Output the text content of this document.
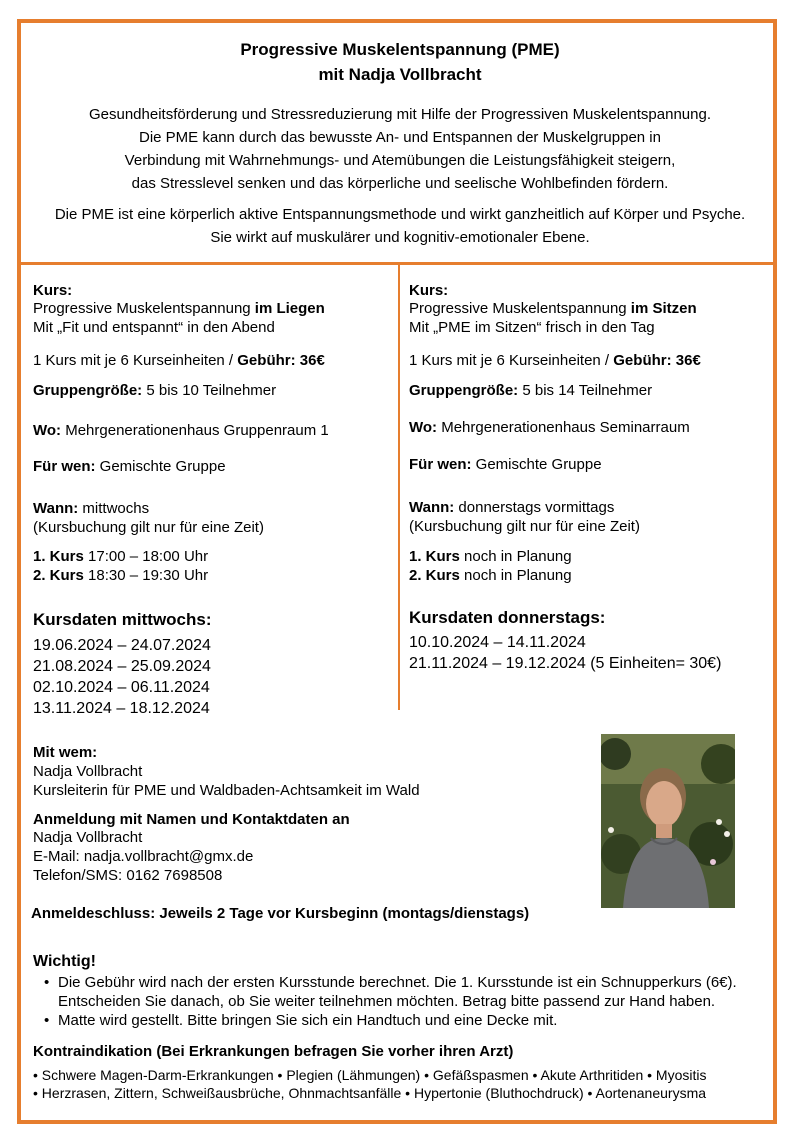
Progressive Muskelentspannung (PME)
mit Nadja Vollbracht
Gesundheitsförderung und Stressreduzierung mit Hilfe der Progressiven Muskelentspannung.
Die PME kann durch das bewusste An- und Entspannen der Muskelgruppen in
Verbindung mit Wahrnehmungs- und Atemübungen die Leistungsfähigkeit steigern,
das Stresslevel senken und das körperliche und seelische Wohlbefinden fördern.
Die PME ist eine körperlich aktive Entspannungsmethode und wirkt ganzheitlich auf Körper und Psyche.
Sie wirkt auf muskulärer und kognitiv-emotionaler Ebene.
Kurs:
Progressive Muskelentspannung im Liegen
Mit „Fit und entspannt“ in den Abend
1 Kurs mit je 6 Kurseinheiten / Gebühr: 36€
Gruppengröße: 5 bis 10 Teilnehmer
Wo: Mehrgenerationenhaus Gruppenraum 1
Für wen: Gemischte Gruppe
Wann: mittwochs
(Kursbuchung gilt nur für eine Zeit)
1. Kurs 17:00 – 18:00 Uhr
2. Kurs 18:30 – 19:30 Uhr
Kursdaten mittwochs:
19.06.2024 – 24.07.2024
21.08.2024 – 25.09.2024
02.10.2024 – 06.11.2024
13.11.2024 – 18.12.2024
Kurs:
Progressive Muskelentspannung im Sitzen
Mit „PME im Sitzen“ frisch in den Tag
1 Kurs mit je 6 Kurseinheiten / Gebühr: 36€
Gruppengröße: 5 bis 14 Teilnehmer
Wo: Mehrgenerationenhaus Seminarraum
Für wen: Gemischte Gruppe
Wann: donnerstags vormittags
(Kursbuchung gilt nur für eine Zeit)
1. Kurs noch in Planung
2. Kurs noch in Planung
Kursdaten donnerstags:
10.10.2024 – 14.11.2024
21.11.2024 – 19.12.2024 (5 Einheiten= 30€)
Mit wem:
Nadja Vollbracht
Kursleiterin für PME und Waldbaden-Achtsamkeit im Wald
Anmeldung mit Namen und Kontaktdaten an
Nadja Vollbracht
E-Mail: nadja.vollbracht@gmx.de
Telefon/SMS: 0162 7698508
Anmeldeschluss: Jeweils 2 Tage vor Kursbeginn (montags/dienstags)
Wichtig!
• Die Gebühr wird nach der ersten Kursstunde berechnet. Die 1. Kursstunde ist ein Schnupperkurs (6€).
Entscheiden Sie danach, ob Sie weiter teilnehmen möchten. Betrag bitte passend zur Hand haben.
• Matte wird gestellt. Bitte bringen Sie sich ein Handtuch und eine Decke mit.
Kontraindikation (Bei Erkrankungen befragen Sie vorher ihren Arzt)
• Schwere Magen-Darm-Erkrankungen • Plegien (Lähmungen) • Gefäßspasmen • Akute Arthritiden • Myositis
• Herzrasen, Zittern, Schweißausbrüche, Ohnmachtsanfälle • Hypertonie (Bluthochdruck) • Aortenaneurysma
